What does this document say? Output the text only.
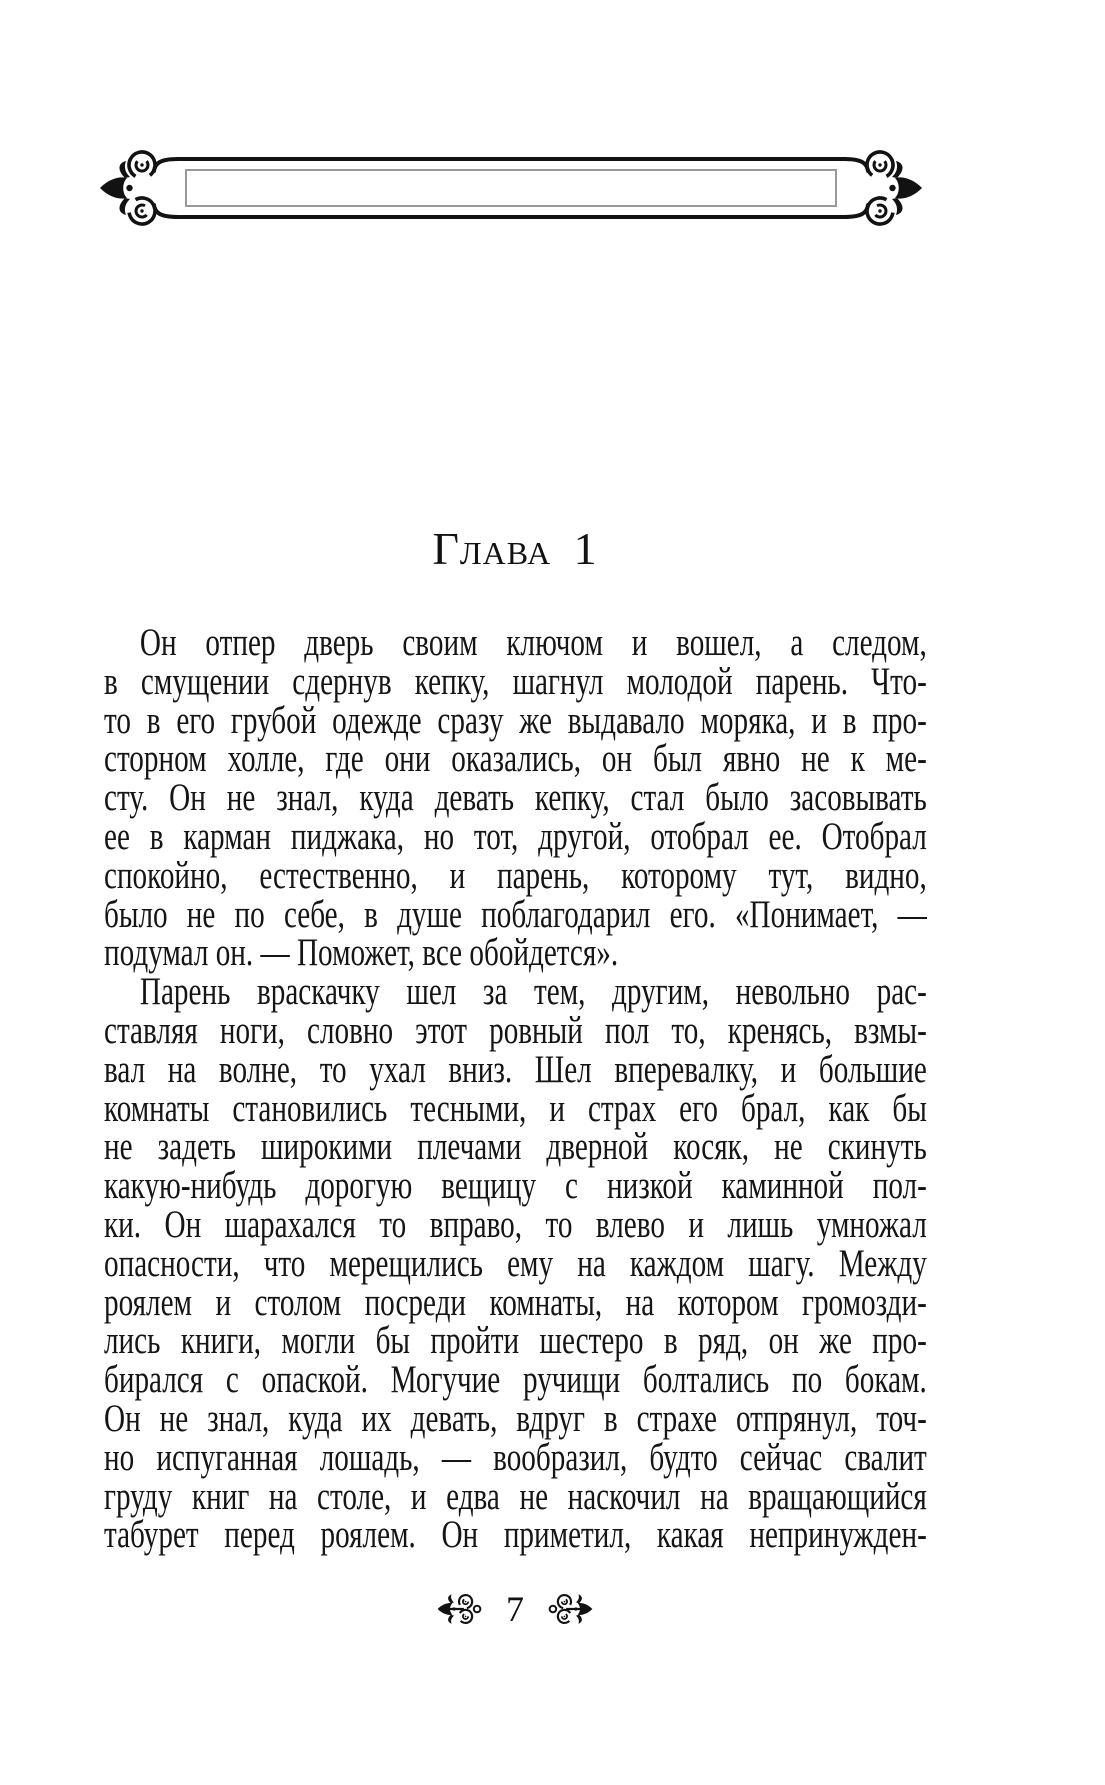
Глава 1
Он отпер дверь своим ключом и вошел, а следом,
в смущении сдернув кепку, шагнул молодой парень. Что-
то в его грубой одежде сразу же выдавало моряка, и в про-
сторном холле, где они оказались, он был явно не к ме-
сту. Он не знал, куда девать кепку, стал было засовывать
ее в карман пиджака, но тот, другой, отобрал ее. Отобрал
спокойно, естественно, и парень, которому тут, видно,
было не по себе, в душе поблагодарил его. «Понимает, —
подумал он. — Поможет, все обойдется».
Парень враскачку шел за тем, другим, невольно рас-
ставляя ноги, словно этот ровный пол то, кренясь, взмы-
вал на волне, то ухал вниз. Шел вперевалку, и большие
комнаты становились тесными, и страх его брал, как бы
не задеть широкими плечами дверной косяк, не скинуть
какую-нибудь дорогую вещицу с низкой каминной пол-
ки. Он шарахался то вправо, то влево и лишь умножал
опасности, что мерещились ему на каждом шагу. Между
роялем и столом посреди комнаты, на котором громозди-
лись книги, могли бы пройти шестеро в ряд, он же про-
бирался с опаской. Могучие ручищи болтались по бокам.
Он не знал, куда их девать, вдруг в страхе отпрянул, точ-
но испуганная лошадь, — вообразил, будто сейчас свалит
груду книг на столе, и едва не наскочил на вращающийся
табурет перед роялем. Он приметил, какая непринужден-
7
